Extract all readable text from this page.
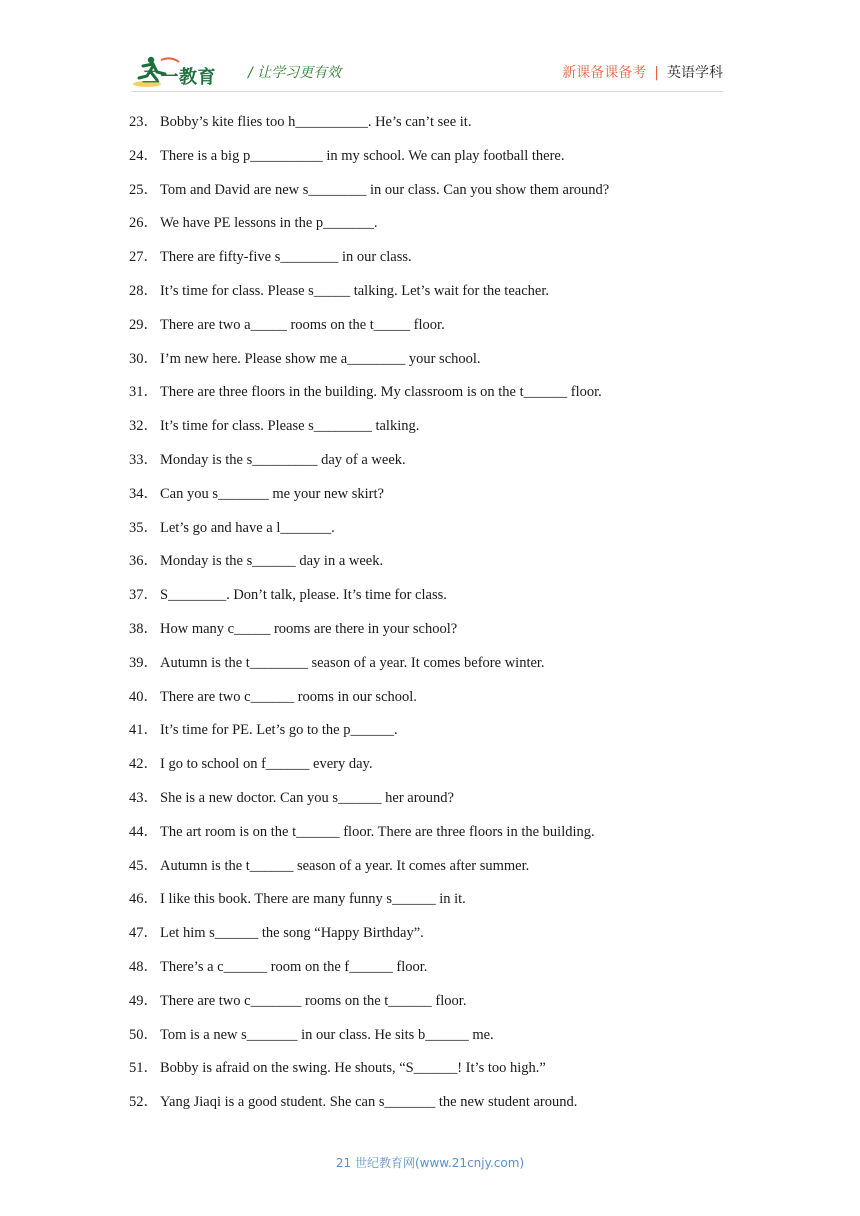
二一教育 / 让学习更有效	新课备课备考 | 英语学科
23． Bobby’s kite flies too h__________. He’s can’t see it.
24． There is a big p__________ in my school. We can play football there.
25． Tom and David are new s________ in our class. Can you show them around?
26． We have PE lessons in the p_______.
27． There are fifty-five s________ in our class.
28． It’s time for class. Please s_____ talking. Let’s wait for the teacher.
29． There are two a_____ rooms on the t_____ floor.
30． I’m new here. Please show me a________ your school.
31． There are three floors in the building. My classroom is on the t______ floor.
32． It’s time for class. Please s________ talking.
33． Monday is the s_________ day of a week.
34． Can you s_______ me your new skirt?
35． Let’s go and have a l_______.
36． Monday is the s______ day in a week.
37． S________. Don’t talk, please. It’s time for class.
38． How many c_____ rooms are there in your school?
39． Autumn is the t________ season of a year. It comes before winter.
40． There are two c______ rooms in our school.
41． It’s time for PE. Let’s go to the p______.
42． I go to school on f______ every day.
43． She is a new doctor. Can you s______ her around?
44． The art room is on the t______ floor. There are three floors in the building.
45． Autumn is the t______ season of a year. It comes after summer.
46． I like this book. There are many funny s______ in it.
47． Let him s______ the song “Happy Birthday”.
48． There’s a c______ room on the f______ floor.
49． There are two c_______ rooms on the t______ floor.
50． Tom is a new s_______ in our class. He sits b______ me.
51． Bobby is afraid on the swing. He shouts, “S______! It’s too high.”
52． Yang Jiaqi is a good student. She can s_______ the new student around.
21 世纪教育网(www.21cnjy.com)
